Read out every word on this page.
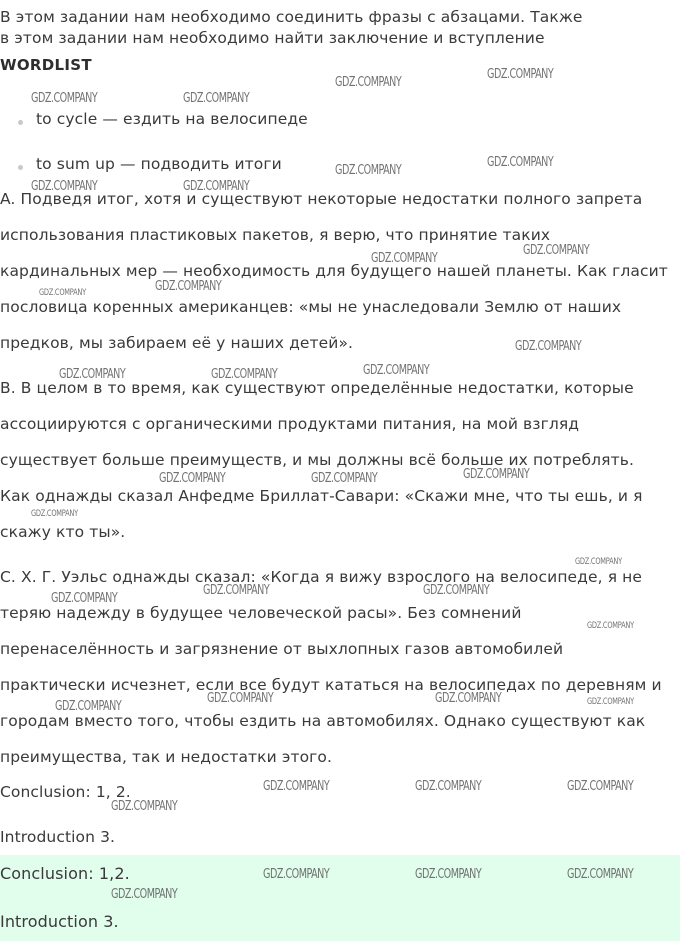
В этом задании нам необходимо соединить фразы с абзацами. Также
в этом задании нам необходимо найти заключение и вступление
WORDLIST
to cycle — ездить на велосипеде
to sum up — подводить итоги
A. Подведя итог, хотя и существуют некоторые недостатки полного запрета
использования пластиковых пакетов, я верю, что принятие таких
кардинальных мер — необходимость для будущего нашей планеты. Как гласит
пословица коренных американцев: «мы не унаследовали Землю от наших
предков, мы забираем её у наших детей».
B. В целом в то время, как существуют определённые недостатки, которые
ассоциируются с органическими продуктами питания, на мой взгляд
существует больше преимуществ, и мы должны всё больше их потреблять.
Как однажды сказал Анфедме Бриллат-Савари: «Скажи мне, что ты ешь, и я
скажу кто ты».
C. Х. Г. Уэльс однажды сказал: «Когда я вижу взрослого на велосипеде, я не
теряю надежду в будущее человеческой расы». Без сомнений
перенаселённость и загрязнение от выхлопных газов автомобилей
практически исчезнет, если все будут кататься на велосипедах по деревням и
городам вместо того, чтобы ездить на автомобилях. Однако существуют как
преимущества, так и недостатки этого.
Conclusion: 1, 2.
Introduction 3.
Conclusion: 1,2.
Introduction 3.
GDZ.COMPANY
GDZ.COMPANY
GDZ.COMPANY	GDZ.COMPANY
GDZ.COMPANY
GDZ.COMPANY
GDZ.COMPANY	GDZ.COMPANY
GDZ.COMPANY
GDZ.COMPANY
GDZ.COMPANY	GDZ.COMPANY
GDZ.COMPANY
GDZ.COMPANY	GDZ.COMPANY	GDZ.COMPANY
GDZ.COMPANY	GDZ.COMPANY	GDZ.COMPANY
GDZ.COMPANY
GDZ.COMPANY
GDZ.COMPANY
GDZ.COMPANY	GDZ.COMPANY
GDZ.COMPANY
GDZ.COMPANY
GDZ.COMPANY	GDZ.COMPANY	GDZ.COMPANY
GDZ.COMPANY	GDZ.COMPANY	GDZ.COMPANY
GDZ.COMPANY
GDZ.COMPANY	GDZ.COMPANY	GDZ.COMPANY
GDZ.COMPANY
